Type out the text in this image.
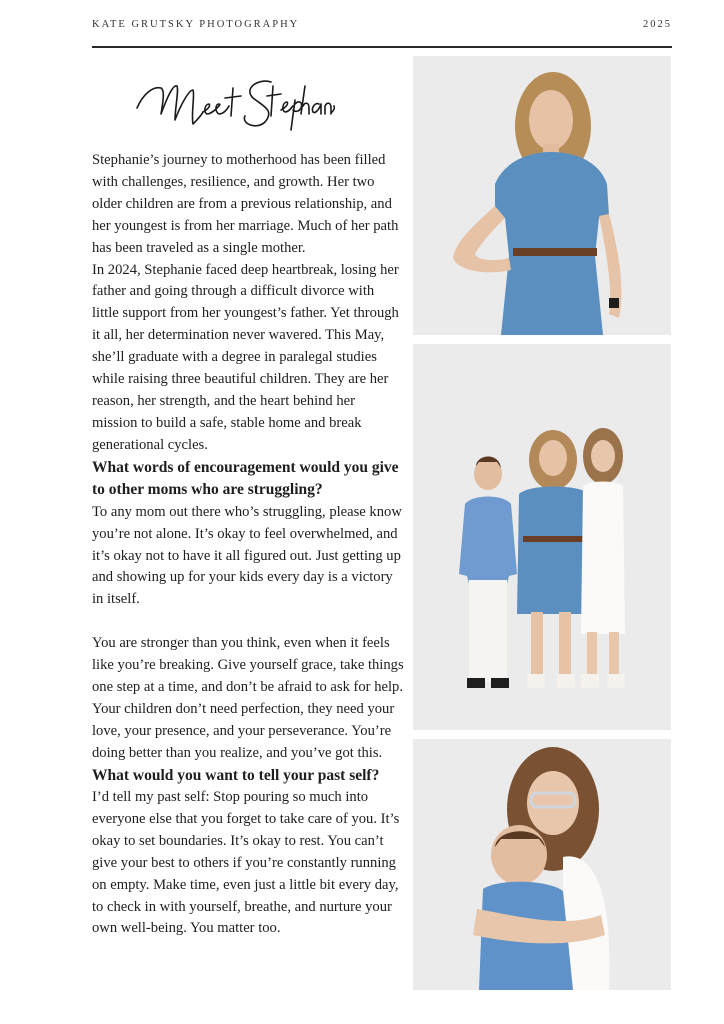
KATE GRUTSKY PHOTOGRAPHY	2025

Stephanie’s journey to motherhood has been filled with challenges, resilience, and growth. Her two older children are from a previous relationship, and her youngest is from her marriage. Much of her path has been traveled as a single mother.

In 2024, Stephanie faced deep heartbreak, losing her father and going through a difficult divorce with little support from her youngest’s father. Yet through it all, her determination never wavered. This May, she’ll graduate with a degree in paralegal studies while raising three beautiful children. They are her reason, her strength, and the heart behind her mission to build a safe, stable home and break generational cycles.

What words of encouragement would you give to other moms who are struggling?

To any mom out there who’s struggling, please know you’re not alone. It’s okay to feel overwhelmed, and it’s okay not to have it all figured out. Just getting up and showing up for your kids every day is a victory in itself.

You are stronger than you think, even when it feels like you’re breaking. Give yourself grace, take things one step at a time, and don’t be afraid to ask for help. Your children don’t need perfection, they need your love, your presence, and your perseverance. You’re doing better than you realize, and you’ve got this.

What would you want to tell your past self?

I’d tell my past self: Stop pouring so much into everyone else that you forget to take care of you. It’s okay to set boundaries. It’s okay to rest. You can’t give your best to others if you’re constantly running on empty. Make time, even just a little bit every day, to check in with yourself, breathe, and nurture your own well-being. You matter too.
